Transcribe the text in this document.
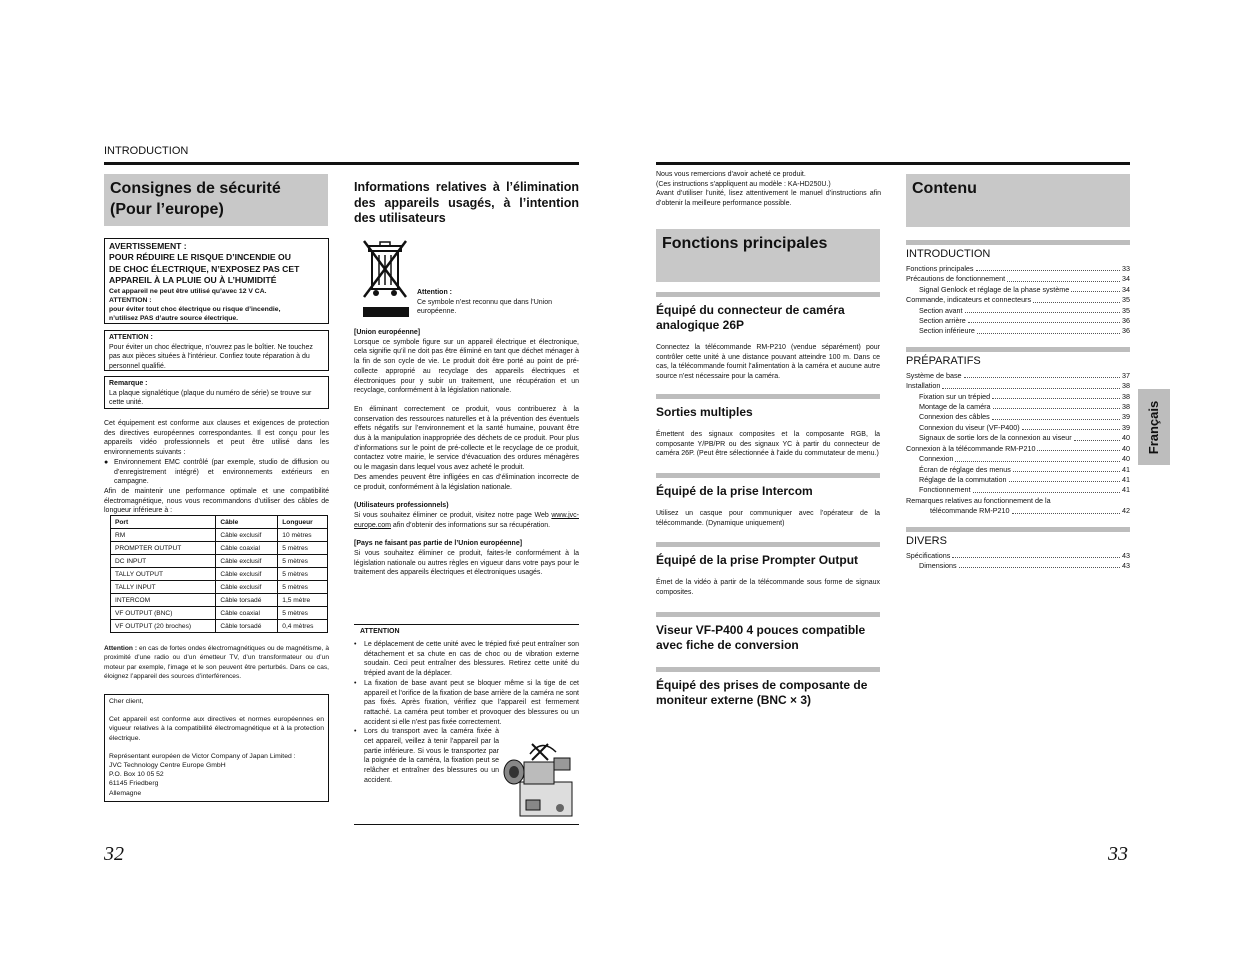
INTRODUCTION
Consignes de sécurité
(Pour l’europe)
AVERTISSEMENT :
POUR RÉDUIRE LE RISQUE D’INCENDIE OU
DE CHOC ÉLECTRIQUE, N’EXPOSEZ PAS CET
APPAREIL À LA PLUIE OU À L’HUMIDITÉ
Cet appareil ne peut être utilisé qu’avec 12 V CA.
ATTENTION :
pour éviter tout choc électrique ou risque d’incendie,
n’utilisez PAS d’autre source électrique.
ATTENTION :
Pour éviter un choc électrique, n’ouvrez pas le boîtier. Ne touchez pas aux pièces situées à l’intérieur. Confiez toute réparation à du personnel qualifié.
Remarque :
La plaque signalétique (plaque du numéro de série) se trouve sur cette unité.
Cet équipement est conforme aux clauses et exigences de protection des directives européennes correspondantes. Il est conçu pour les appareils vidéo professionnels et peut être utilisé dans les environnements suivants :
● Environnement EMC contrôlé (par exemple, studio de diffusion ou d’enregistrement intégré) et environnements extérieurs en campagne.
Afin de maintenir une performance optimale et une compatibilité électromagnétique, nous vous recommandons d’utiliser des câbles de longueur inférieure à :
Port	Câble	Longueur
RM	Câble exclusif	10 mètres
PROMPTER OUTPUT	Câble coaxial	5 mètres
DC INPUT	Câble exclusif	5 mètres
TALLY OUTPUT	Câble exclusif	5 mètres
TALLY INPUT	Câble exclusif	5 mètres
INTERCOM	Câble torsadé	1,5 mètre
VF OUTPUT (BNC)	Câble coaxial	5 mètres
VF OUTPUT (20 broches)	Câble torsadé	0,4 mètres
Attention : en cas de fortes ondes électromagnétiques ou de magnétisme, à proximité d’une radio ou d’un émetteur TV, d’un transformateur ou d’un moteur par exemple, l’image et le son peuvent être perturbés. Dans ce cas, éloignez l’appareil des sources d’interférences.
Cher client,
Cet appareil est conforme aux directives et normes européennes en vigueur relatives à la compatibilité électromagnétique et à la protection électrique.
Représentant européen de Victor Company of Japan Limited :
JVC Technology Centre Europe GmbH
P.O. Box 10 05 52
61145 Friedberg
Allemagne
Informations relatives à l’élimination des appareils usagés, à l’intention des utilisateurs
Attention :
Ce symbole n’est reconnu que dans l’Union européenne.
[Union européenne]
Lorsque ce symbole figure sur un appareil électrique et électronique, cela signifie qu’il ne doit pas être éliminé en tant que déchet ménager à la fin de son cycle de vie. Le produit doit être porté au point de pré-collecte approprié au recyclage des appareils électriques et électroniques pour y subir un traitement, une récupération et un recyclage, conformément à la législation nationale.
En éliminant correctement ce produit, vous contribuerez à la conservation des ressources naturelles et à la prévention des éventuels effets négatifs sur l’environnement et la santé humaine, pouvant être dus à la manipulation inappropriée des déchets de ce produit. Pour plus d’informations sur le point de pré-collecte et le recyclage de ce produit, contactez votre mairie, le service d’évacuation des ordures ménagères ou le magasin dans lequel vous avez acheté le produit.
Des amendes peuvent être infligées en cas d’élimination incorrecte de ce produit, conformément à la législation nationale.
(Utilisateurs professionnels)
Si vous souhaitez éliminer ce produit, visitez notre page Web www.jvc-europe.com afin d’obtenir des informations sur sa récupération.
[Pays ne faisant pas partie de l’Union européenne]
Si vous souhaitez éliminer ce produit, faites-le conformément à la législation nationale ou autres règles en vigueur dans votre pays pour le traitement des appareils électriques et électroniques usagés.
ATTENTION
•	Le déplacement de cette unité avec le trépied fixé peut entraîner son détachement et sa chute en cas de choc ou de vibration externe soudain. Ceci peut entraîner des blessures. Retirez cette unité du trépied avant de la déplacer.
•	La fixation de base avant peut se bloquer même si la tige de cet appareil et l’orifice de la fixation de base arrière de la caméra ne sont pas fixés. Après fixation, vérifiez que l’appareil est fermement rattaché. La caméra peut tomber et provoquer des blessures ou un accident si elle n’est pas fixée correctement.
•	Lors du transport avec la caméra fixée à cet appareil, veillez à tenir l’appareil par la partie inférieure. Si vous le transportez par la poignée de la caméra, la fixation peut se relâcher et entraîner des blessures ou un accident.
32
Nous vous remercions d’avoir acheté ce produit.
(Ces instructions s’appliquent au modèle : KA-HD250U.)
Avant d’utiliser l’unité, lisez attentivement le manuel d’instructions afin d’obtenir la meilleure performance possible.
Fonctions principales
Équipé du connecteur de caméra analogique 26P
Connectez la télécommande RM-P210 (vendue séparément) pour contrôler cette unité à une distance pouvant atteindre 100 m. Dans ce cas, la télécommande fournit l’alimentation à la caméra et aucune autre source n’est nécessaire pour la caméra.
Sorties multiples
Émettent des signaux composites et la composante RGB, la composante Y/PB/PR ou des signaux YC à partir du connecteur de caméra 26P. (Peut être sélectionnée à l’aide du commutateur de menu.)
Équipé de la prise Intercom
Utilisez un casque pour communiquer avec l’opérateur de la télécommande. (Dynamique uniquement)
Équipé de la prise Prompter Output
Émet de la vidéo à partir de la télécommande sous forme de signaux composites.
Viseur VF-P400 4 pouces compatible avec fiche de conversion
Équipé des prises de composante de moniteur externe (BNC × 3)
Contenu
INTRODUCTION
Fonctions principales	33
Précautions de fonctionnement	34
Signal Genlock et réglage de la phase système	34
Commande, indicateurs et connecteurs	35
Section avant	35
Section arrière	36
Section inférieure	36
PRÉPARATIFS
Système de base	37
Installation	38
Fixation sur un trépied	38
Montage de la caméra	38
Connexion des câbles	39
Connexion du viseur (VF-P400)	39
Signaux de sortie lors de la connexion au viseur	40
Connexion à la télécommande RM-P210	40
Connexion	40
Écran de réglage des menus	41
Réglage de la commutation	41
Fonctionnement	41
Remarques relatives au fonctionnement de la
télécommande RM-P210	42
DIVERS
Spécifications	43
Dimensions	43
Français
33
